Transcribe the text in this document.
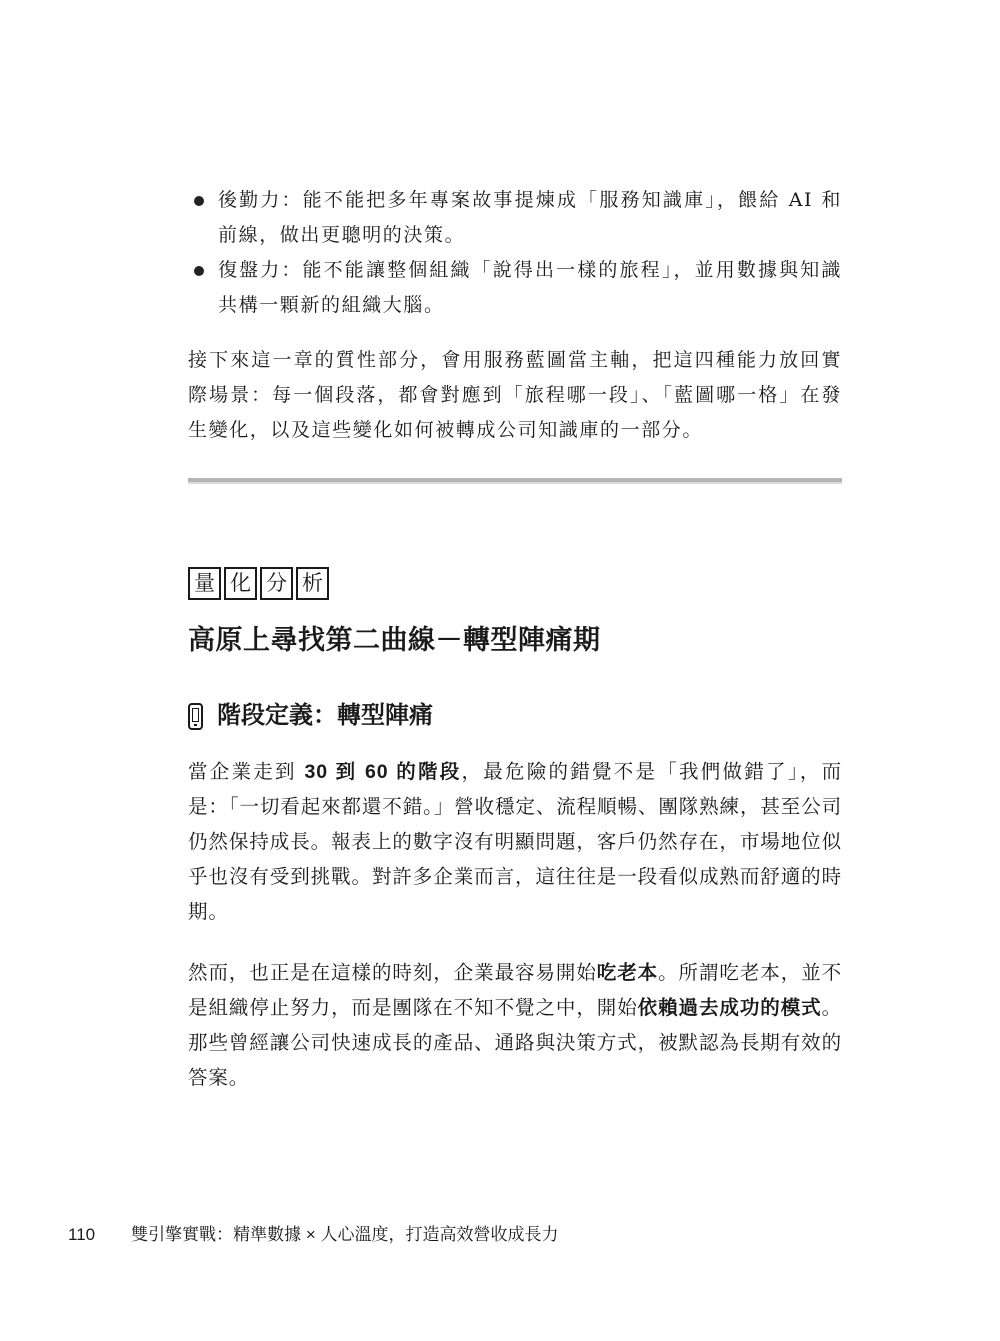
後勤力：能不能把多年專案故事提煉成「服務知識庫」，餵給 AI 和前線，做出更聰明的決策。
復盤力：能不能讓整個組織「說得出一樣的旅程」，並用數據與知識共構一顆新的組織大腦。

接下來這一章的質性部分，會用服務藍圖當主軸，把這四種能力放回實際場景：每一個段落，都會對應到「旅程哪一段」、「藍圖哪一格」在發生變化，以及這些變化如何被轉成公司知識庫的一部分。

量 化 分 析
高原上尋找第二曲線－轉型陣痛期
階段定義：轉型陣痛

當企業走到 30 到 60 的階段，最危險的錯覺不是「我們做錯了」，而是：「一切看起來都還不錯。」營收穩定、流程順暢、團隊熟練，甚至公司仍然保持成長。報表上的數字沒有明顯問題，客戶仍然存在，市場地位似乎也沒有受到挑戰。對許多企業而言，這往往是一段看似成熟而舒適的時期。

然而，也正是在這樣的時刻，企業最容易開始吃老本。所謂吃老本，並不是組織停止努力，而是團隊在不知不覺之中，開始依賴過去成功的模式。那些曾經讓公司快速成長的產品、通路與決策方式，被默認為長期有效的答案。

110 雙引擎實戰：精準數據 × 人心溫度，打造高效營收成長力
